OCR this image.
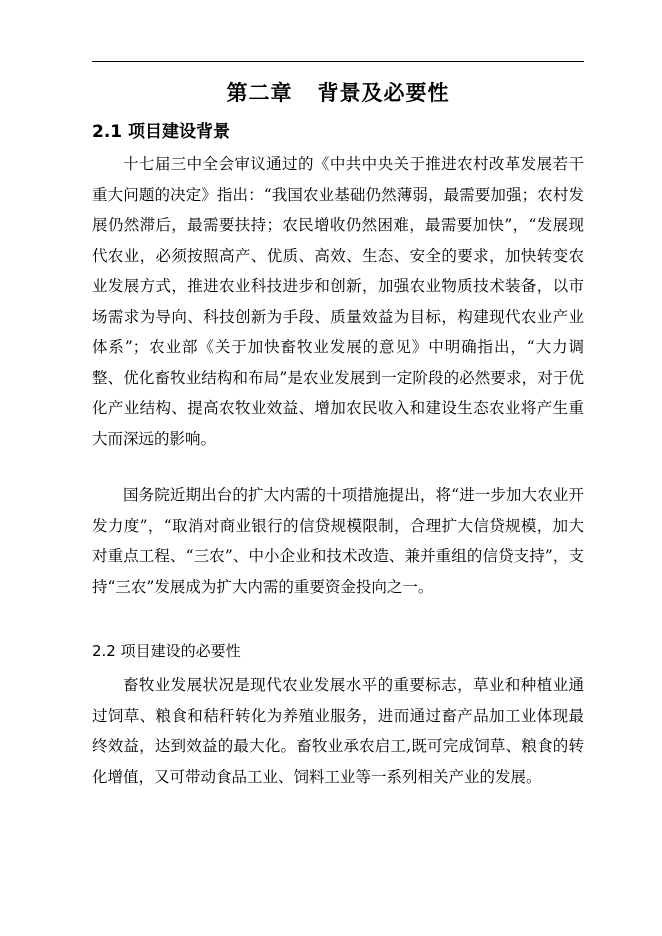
第二章   背景及必要性
2.1 项目建设背景

十七届三中全会审议通过的《中共中央关于推进农村改革发展若干重大问题的决定》指出：“我国农业基础仍然薄弱，最需要加强；农村发展仍然滞后，最需要扶持；农民增收仍然困难，最需要加快”，“发展现代农业，必须按照高产、优质、高效、生态、安全的要求，加快转变农业发展方式，推进农业科技进步和创新，加强农业物质技术装备，以市场需求为导向、科技创新为手段、质量效益为目标，构建现代农业产业体系”；农业部《关于加快畜牧业发展的意见》中明确指出，“大力调整、优化畜牧业结构和布局”是农业发展到一定阶段的必然要求，对于优化产业结构、提高农牧业效益、增加农民收入和建设生态农业将产生重大而深远的影响。

国务院近期出台的扩大内需的十项措施提出，将“进一步加大农业开发力度”，“取消对商业银行的信贷规模限制，合理扩大信贷规模，加大对重点工程、“三农”、中小企业和技术改造、兼并重组的信贷支持”，支持“三农”发展成为扩大内需的重要资金投向之一。

2.2 项目建设的必要性

畜牧业发展状况是现代农业发展水平的重要标志，草业和种植业通过饲草、粮食和秸秆转化为养殖业服务，进而通过畜产品加工业体现最终效益，达到效益的最大化。畜牧业承农启工,既可完成饲草、粮食的转化增值，又可带动食品工业、饲料工业等一系列相关产业的发展。
